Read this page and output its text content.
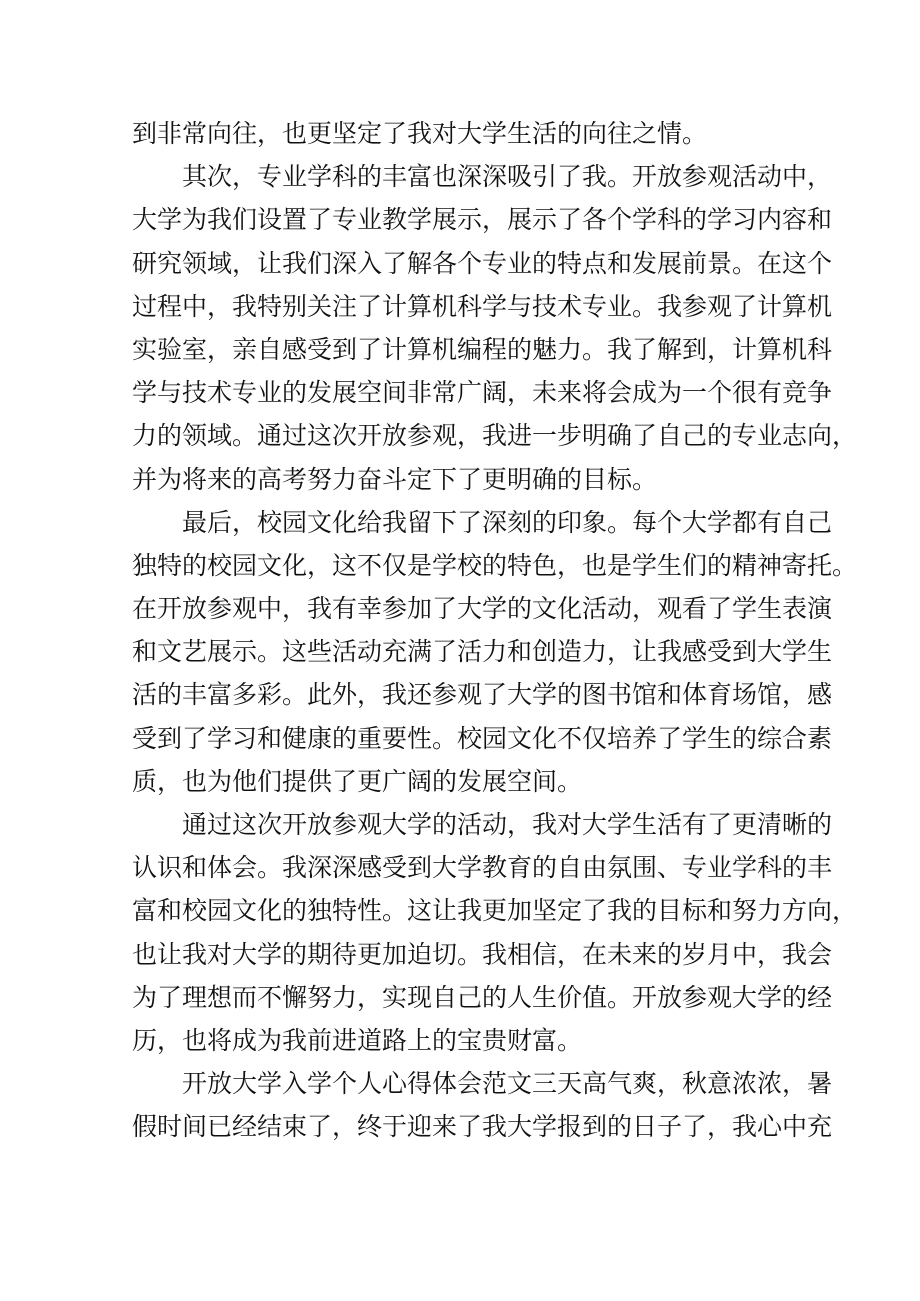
到非常向往，也更坚定了我对大学生活的向往之情。
其次，专业学科的丰富也深深吸引了我。开放参观活动中，
大学为我们设置了专业教学展示，展示了各个学科的学习内容和
研究领域，让我们深入了解各个专业的特点和发展前景。在这个
过程中，我特别关注了计算机科学与技术专业。我参观了计算机
实验室，亲自感受到了计算机编程的魅力。我了解到，计算机科
学与技术专业的发展空间非常广阔，未来将会成为一个很有竞争
力的领域。通过这次开放参观，我进一步明确了自己的专业志向，
并为将来的高考努力奋斗定下了更明确的目标。
最后，校园文化给我留下了深刻的印象。每个大学都有自己
独特的校园文化，这不仅是学校的特色，也是学生们的精神寄托。
在开放参观中，我有幸参加了大学的文化活动，观看了学生表演
和文艺展示。这些活动充满了活力和创造力，让我感受到大学生
活的丰富多彩。此外，我还参观了大学的图书馆和体育场馆，感
受到了学习和健康的重要性。校园文化不仅培养了学生的综合素
质，也为他们提供了更广阔的发展空间。
通过这次开放参观大学的活动，我对大学生活有了更清晰的
认识和体会。我深深感受到大学教育的自由氛围、专业学科的丰
富和校园文化的独特性。这让我更加坚定了我的目标和努力方向，
也让我对大学的期待更加迫切。我相信，在未来的岁月中，我会
为了理想而不懈努力，实现自己的人生价值。开放参观大学的经
历，也将成为我前进道路上的宝贵财富。
开放大学入学个人心得体会范文三天高气爽，秋意浓浓，暑
假时间已经结束了，终于迎来了我大学报到的日子了，我心中充
